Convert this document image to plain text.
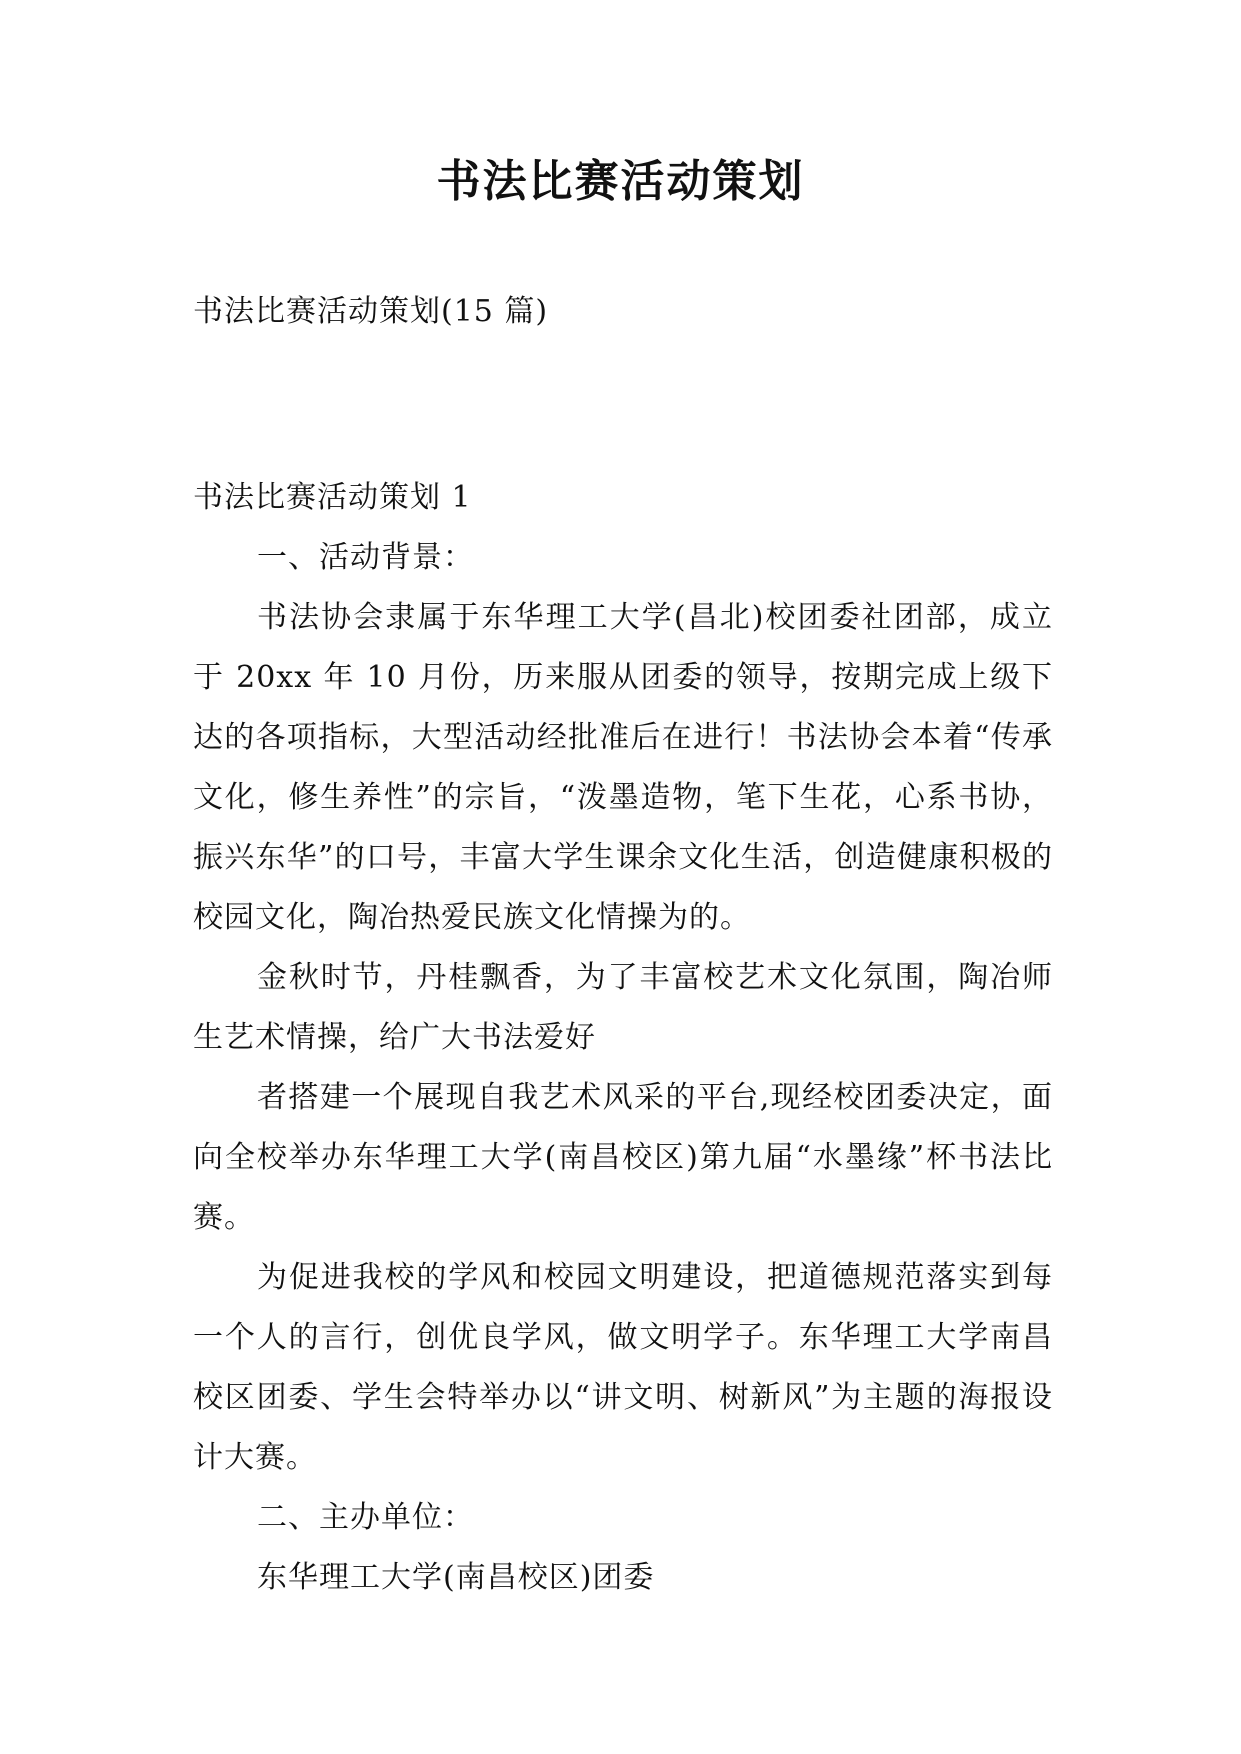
书法比赛活动策划
书法比赛活动策划(15 篇)

书法比赛活动策划 1

一、活动背景：

书法协会隶属于东华理工大学(昌北)校团委社团部，成立于 20xx 年 10 月份，历来服从团委的领导，按期完成上级下达的各项指标，大型活动经批准后在进行！书法协会本着“传承文化，修生养性”的宗旨，“泼墨造物，笔下生花，心系书协，振兴东华”的口号，丰富大学生课余文化生活，创造健康积极的校园文化，陶冶热爱民族文化情操为的。

金秋时节，丹桂飘香，为了丰富校艺术文化氛围，陶冶师生艺术情操，给广大书法爱好

者搭建一个展现自我艺术风采的平台,现经校团委决定，面向全校举办东华理工大学(南昌校区)第九届“水墨缘”杯书法比赛。

为促进我校的学风和校园文明建设，把道德规范落实到每一个人的言行，创优良学风，做文明学子。东华理工大学南昌校区团委、学生会特举办以“讲文明、树新风”为主题的海报设计大赛。

二、主办单位：

东华理工大学(南昌校区)团委
